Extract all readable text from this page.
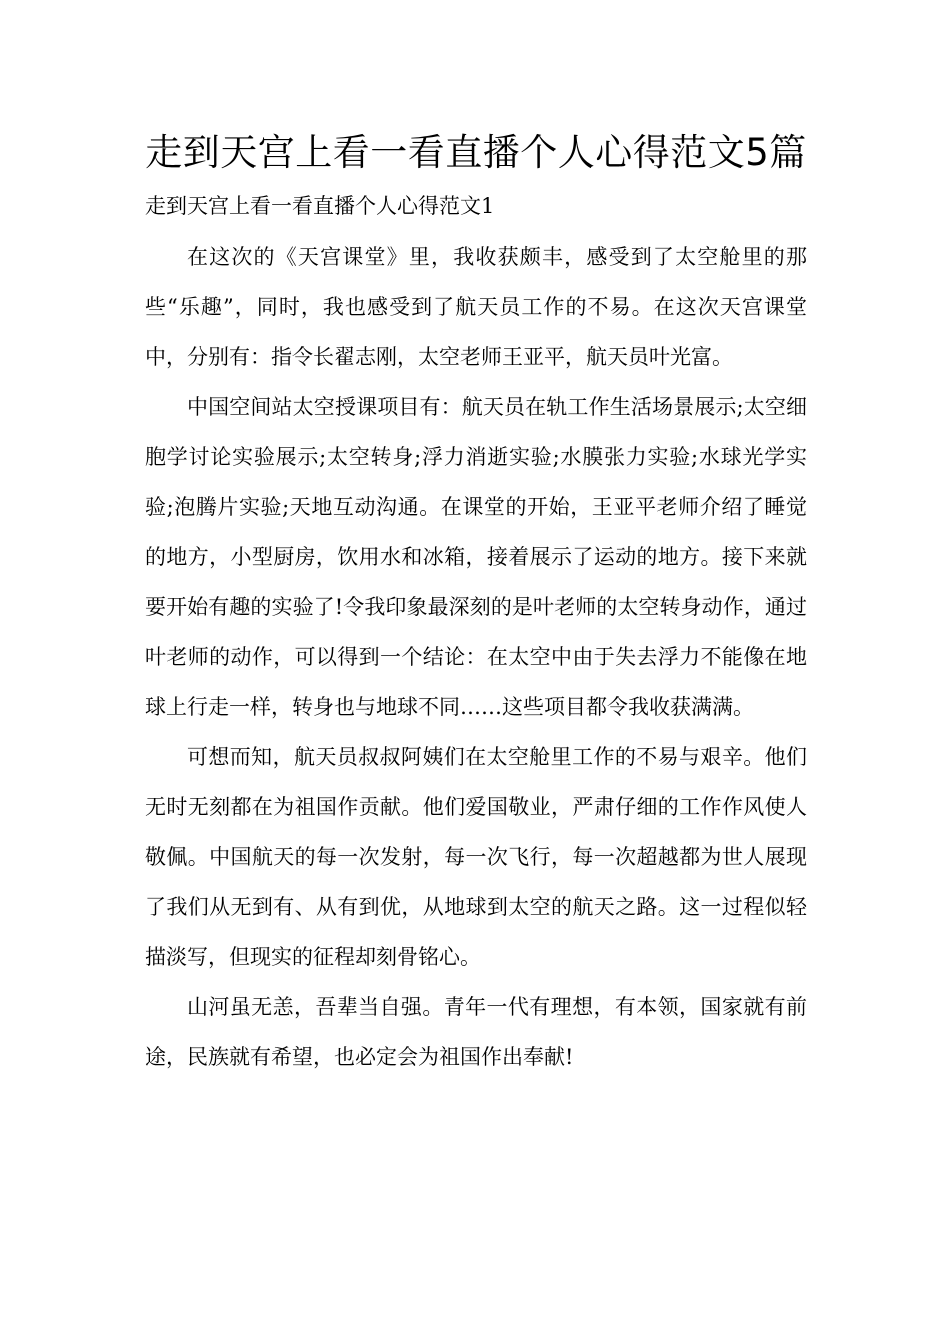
走到天宫上看一看直播个人心得范文5篇
走到天宫上看一看直播个人心得范文1

在这次的《天宫课堂》里，我收获颇丰，感受到了太空舱里的那些“乐趣”，同时，我也感受到了航天员工作的不易。在这次天宫课堂中，分别有：指令长翟志刚，太空老师王亚平，航天员叶光富。

中国空间站太空授课项目有：航天员在轨工作生活场景展示;太空细胞学讨论实验展示;太空转身;浮力消逝实验;水膜张力实验;水球光学实验;泡腾片实验;天地互动沟通。在课堂的开始，王亚平老师介绍了睡觉的地方，小型厨房，饮用水和冰箱，接着展示了运动的地方。接下来就要开始有趣的实验了!令我印象最深刻的是叶老师的太空转身动作，通过叶老师的动作，可以得到一个结论：在太空中由于失去浮力不能像在地球上行走一样，转身也与地球不同……这些项目都令我收获满满。

可想而知，航天员叔叔阿姨们在太空舱里工作的不易与艰辛。他们无时无刻都在为祖国作贡献。他们爱国敬业，严肃仔细的工作作风使人敬佩。中国航天的每一次发射，每一次飞行，每一次超越都为世人展现了我们从无到有、从有到优，从地球到太空的航天之路。这一过程似轻描淡写，但现实的征程却刻骨铭心。

山河虽无恙，吾辈当自强。青年一代有理想，有本领，国家就有前途，民族就有希望，也必定会为祖国作出奉献!
